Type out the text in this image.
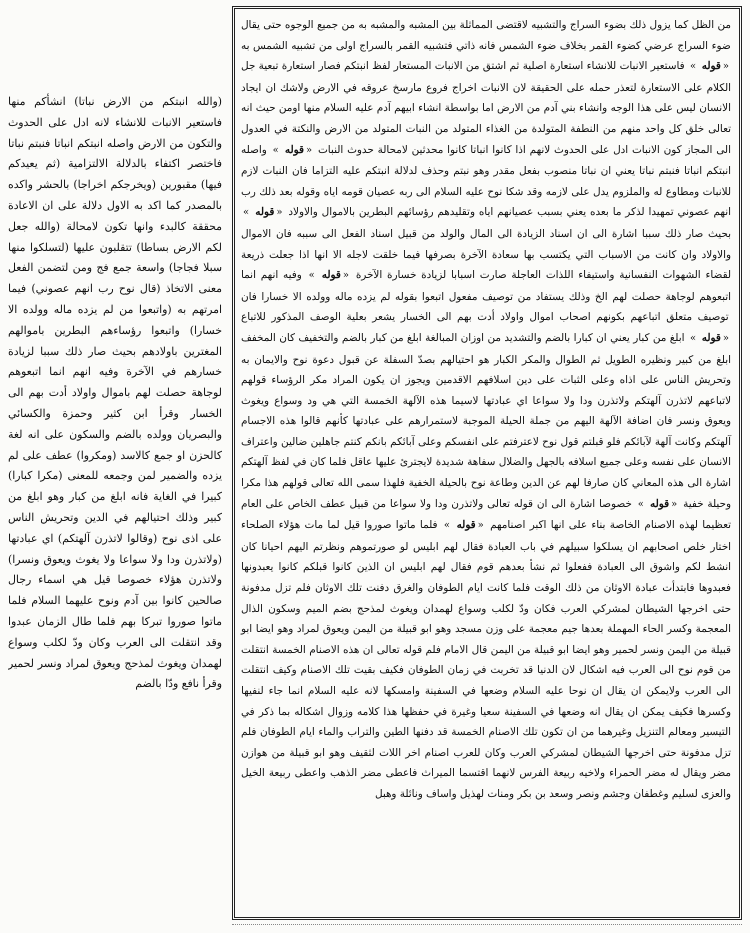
من الظل كما يزول ذلك بضوء السراج والتشبيه لاقتضى المماثلة بين المشبه والمشبه به من جميع الوجوه حتى يقال ضوء السراج عرضي كضوء القمر بخلاف ضوء الشمس فانه ذاتي فتشبيه القمر بالسراج اولى من تشبيه الشمس به «قوله » فاستعير الانبات للانشاء استعارة اصلية ثم اشتق من الانبات المستعار لفظ انبتكم فصار استعارة تبعية جل الكلام على الاستعارة لتعذر حمله على الحقيقة لان الانبات اخراج فروع مارسخ عروقه في الارض ولاشك ان ايجاد الانسان ليس على هذا الوجه وانشاء بني آدم من الارض اما بواسطة انشاء ابيهم آدم عليه السلام منها اومن حيث انه تعالى خلق كل واحد منهم من النطفة المتولدة من الغذاء المتولد من النبات المتولد من الارض والنكتة في العدول الى المجاز كون الانبات ادل على الحدوث لانهم اذا كانوا انباتا كانوا محدثين لامحالة حدوث النبات «قوله » واصله انبتكم انباتا فنبتم نباتا يعني ان نباتا منصوب بفعل مقدر وهو نبتم وحذف لدلالة انبتكم عليه التزاما فان النبات لازم للانبات ومطاوع له والملزوم يدل على لازمه وقد شكا نوح عليه السلام الى ربه عصيان قومه اياه وقوله بعد ذلك رب انهم عصوني تمهيدا لذكر ما بعده يعني بسبب عصيانهم اياه وتقليدهم رؤسائهم البطرين بالاموال والاولاد «قوله » بحيث صار ذلك سببا اشارة الى ان اسناد الزيادة الى المال والولد من قبيل اسناد الفعل الى سببه فان الاموال والاولاد وان كانت من الاسباب التي يكتسب بها سعادة الآخرة بصرفها فيما خلقت لاجله الا انها اذا جعلت ذريعة لقضاء الشهوات النفسانية واستيفاء اللذات العاجلة صارت اسبابا لزيادة خسارة الآخرة «قوله » وفيه انهم انما اتبعوهم لوجاهة حصلت لهم الخ وذلك يستفاد من توصيف مفعول اتبعوا بقوله لم يزده ماله وولده الا خسارا فان توصيف متعلق اتباعهم بكونهم اصحاب اموال واولاد أدت بهم الى الخسار يشعر بعلية الوصف المذكور للاتباع «قوله » ابلغ من كبار يعني ان كبارا بالضم والتشديد من اوزان المبالغة ابلغ من كبار بالضم والتخفيف كان المخفف ابلغ من كبير ونظيره الطويل ثم الطوال والمكر الكبار هو احتيالهم بصدّ السفلة عن قبول دعوة نوح والايمان به وتحريش الناس على اذاه وعلى الثبات على دين اسلافهم الاقدمين ويجوز ان يكون المراد مكر الرؤساء قولهم لاتباعهم لاتذرن آلهتكم ولاتذرن ودا ولا سواعا اي عبادتها لاسيما هذه الآلهة الخمسة التي هي ود وسواع ويغوث ويعوق ونسر فان اضافة الآلهة اليهم من جملة الحيلة الموجبة لاستمرارهم على عبادتها كأنهم قالوا هذه الاجسام آلهتكم وكانت آلهة لآبائكم فلو قبلتم قول نوح لاعترفتم على انفسكم وعلى آبائكم بانكم كنتم جاهلين ضالين واعتراف الانسان على نفسه وعلى جميع اسلافه بالجهل والضلال سفاهة شديدة لايجترئ عليها عاقل فلما كان في لفظ آلهتكم اشارة الى هذه المعاني كان صارفا لهم عن الدين وطاعة نوح بالحيلة الخفية فلهذا سمى الله تعالى قولهم هذا مكرا وحيلة خفية «قوله » خصوصا اشارة الى ان قوله تعالى ولاتذرن ودا ولا سواعا من قبيل عطف الخاص على العام تعظيما لهذه الاصنام الخاصة بناء على انها اكبر اصنامهم «قوله » فلما ماتوا صوروا قيل لما مات هؤلاء الصلحاء اختار خلص اصحابهم ان يسلكوا سبيلهم في باب العبادة فقال لهم ابليس لو صورتموهم ونظرتم اليهم احيانا كان انشط لكم واشوق الى العبادة ففعلوا ثم نشأ بعدهم قوم فقال لهم ابليس ان الذين كانوا قبلكم كانوا يعبدونها فعبدوها فابتدأت عبادة الاوثان من ذلك الوقت فلما كانت ايام الطوفان والغرق دفنت تلك الاوثان فلم تزل مدفونة حتى اخرجها الشيطان لمشركي العرب فكان ودّ لكلب وسواع لهمدان ويغوث لمذحج بضم الميم وسكون الذال المعجمة وكسر الحاء المهملة بعدها جيم معجمة على وزن مسجد وهو ابو قبيلة من اليمن ويعوق لمراد وهو ايضا ابو قبيلة من اليمن ونسر لحمير وهو ايضا ابو قبيلة من اليمن قال الامام فلم قوله تعالى ان هذه الاصنام الخمسة انتقلت من قوم نوح الى العرب فيه اشكال لان الدنيا قد تخربت في زمان الطوفان فكيف بقيت تلك الاصنام وكيف انتقلت الى العرب ولايمكن ان يقال ان نوحا عليه السلام وضعها في السفينة وامسكها لانه عليه السلام انما جاء لنفيها وكسرها فكيف يمكن ان يقال انه وضعها في السفينة سعيا وغيرة في حفظها هذا كلامه وزوال اشكاله بما ذكر في التيسير ومعالم التنزيل وغيرهما من ان تكون تلك الاصنام الخمسة قد دفنها الطين والتراب والماء ايام الطوفان فلم تزل مدفونة حتى اخرجها الشيطان لمشركي العرب وكان للعرب اصنام اخر اللات لثقيف وهو ابو قبيلة من هوازن مضر ويقال له مضر الحمراء ولاخيه ربيعة الفرس لانهما اقتسما الميراث فاعطى مضر الذهب واعطى ربيعة الخيل والعزى لسليم وغطفان وجشم ونصر وسعد بن بكر ومنات لهذيل واساف ونائلة وهبل

(والله انبتكم من الارض نباتا) انشأكم منها فاستعير الانبات للانشاء لانه ادل على الحدوث والتكون من الارض واصله انبتكم انباتا فنبتم نباتا فاختصر اكتفاء بالدلالة الالتزامية (ثم يعيدكم فيها) مقبورين (ويخرجكم اخراجا) بالحشر واكده بالمصدر كما اكد به الاول دلالة على ان الاعادة محققة كالبدء وانها تكون لامحالة (والله جعل لكم الارض بساطا) تتقلبون عليها (لتسلكوا منها سبلا فجاجا) واسعة جمع فج ومن لتضمن الفعل معنى الاتخاذ (قال نوح رب انهم عصوني) فيما امرتهم به (واتبعوا من لم يزده ماله وولده الا خسارا) واتبعوا رؤساءهم البطرين باموالهم المغترين باولادهم بحيث صار ذلك سببا لزيادة خسارهم في الآخرة وفيه انهم انما اتبعوهم لوجاهة حصلت لهم باموال واولاد أدت بهم الى الخسار وقرأ ابن كثير وحمزة والكسائي والبصريان وولده بالضم والسكون على انه لغة كالحزن او جمع كالاسد (ومكروا) عطف على لم يزده والضمير لمن وجمعه للمعنى (مكرا كبارا) كبيرا في الغاية فانه ابلغ من كبار وهو ابلغ من كبير وذلك احتيالهم في الدين وتحريش الناس على اذى نوح (وقالوا لاتذرن آلهتكم) اي عبادتها (ولاتذرن ودا ولا سواعا ولا يغوث ويعوق ونسرا) ولاتذرن هؤلاء خصوصا قيل هي اسماء رجال صالحين كانوا بين آدم ونوح عليهما السلام فلما ماتوا صوروا تبركا بهم فلما طال الزمان عبدوا وقد انتقلت الى العرب وكان ودّ لكلب وسواع لهمدان ويغوث لمذحج ويعوق لمراد ونسر لحمير وقرأ نافع ودّا بالضم
